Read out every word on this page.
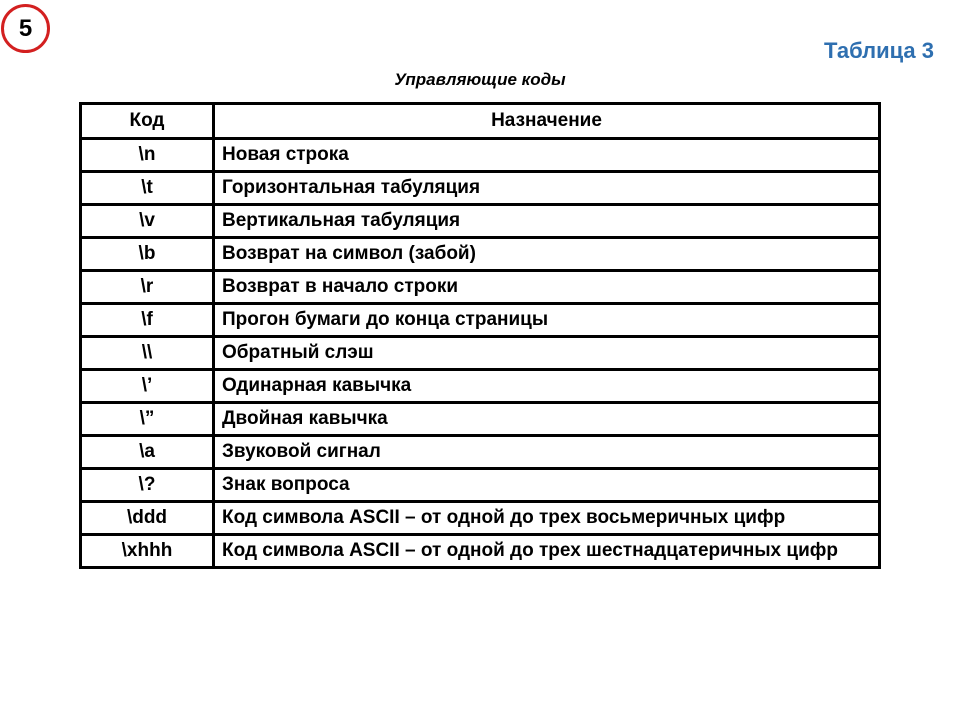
5
Таблица 3
Управляющие коды
Код	Назначение
\n	Новая строка
\t	Горизонтальная табуляция
\v	Вертикальная табуляция
\b	Возврат на символ (забой)
\r	Возврат в начало строки
\f	Прогон бумаги до конца страницы
\\	Обратный слэш
\’	Одинарная кавычка
\”	Двойная кавычка
\a	Звуковой сигнал
\?	Знак вопроса
\ddd	Код символа ASCII – от одной до трех восьмеричных цифр
\xhhh	Код символа ASCII – от одной до трех шестнадцатеричных цифр
